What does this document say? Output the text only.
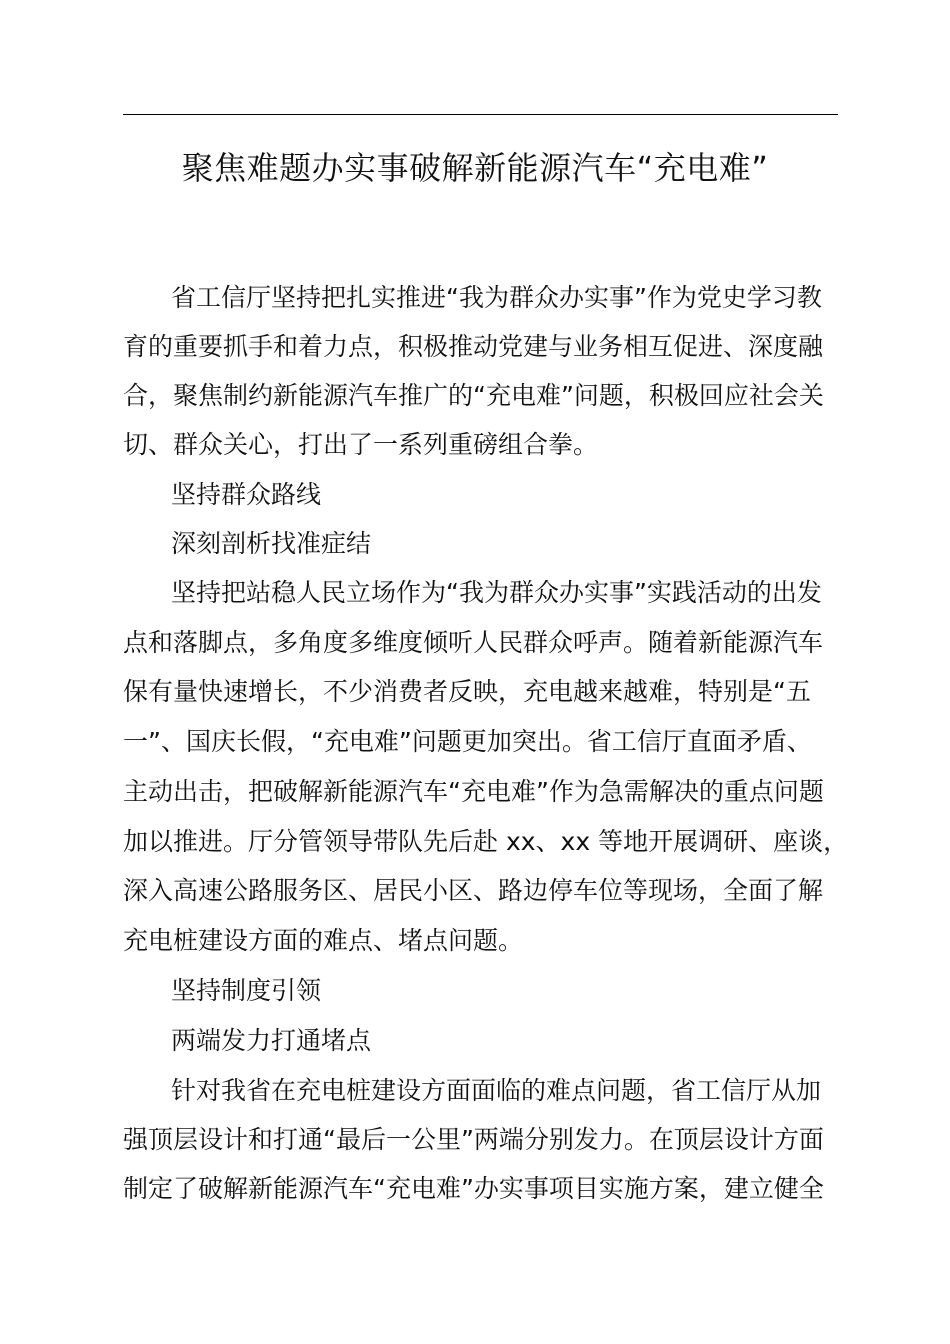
聚焦难题办实事破解新能源汽车“充电难”
省工信厅坚持把扎实推进“我为群众办实事”作为党史学习教
育的重要抓手和着力点，积极推动党建与业务相互促进、深度融
合，聚焦制约新能源汽车推广的“充电难”问题，积极回应社会关
切、群众关心，打出了一系列重磅组合拳。
坚持群众路线
深刻剖析找准症结
坚持把站稳人民立场作为“我为群众办实事”实践活动的出发
点和落脚点，多角度多维度倾听人民群众呼声。随着新能源汽车
保有量快速增长，不少消费者反映，充电越来越难，特别是“五
一”、国庆长假，“充电难”问题更加突出。省工信厅直面矛盾、
主动出击，把破解新能源汽车“充电难”作为急需解决的重点问题
加以推进。厅分管领导带队先后赴 xx、xx 等地开展调研、座谈，
深入高速公路服务区、居民小区、路边停车位等现场，全面了解
充电桩建设方面的难点、堵点问题。
坚持制度引领
两端发力打通堵点
针对我省在充电桩建设方面面临的难点问题，省工信厅从加
强顶层设计和打通“最后一公里”两端分别发力。在顶层设计方面
制定了破解新能源汽车“充电难”办实事项目实施方案，建立健全
